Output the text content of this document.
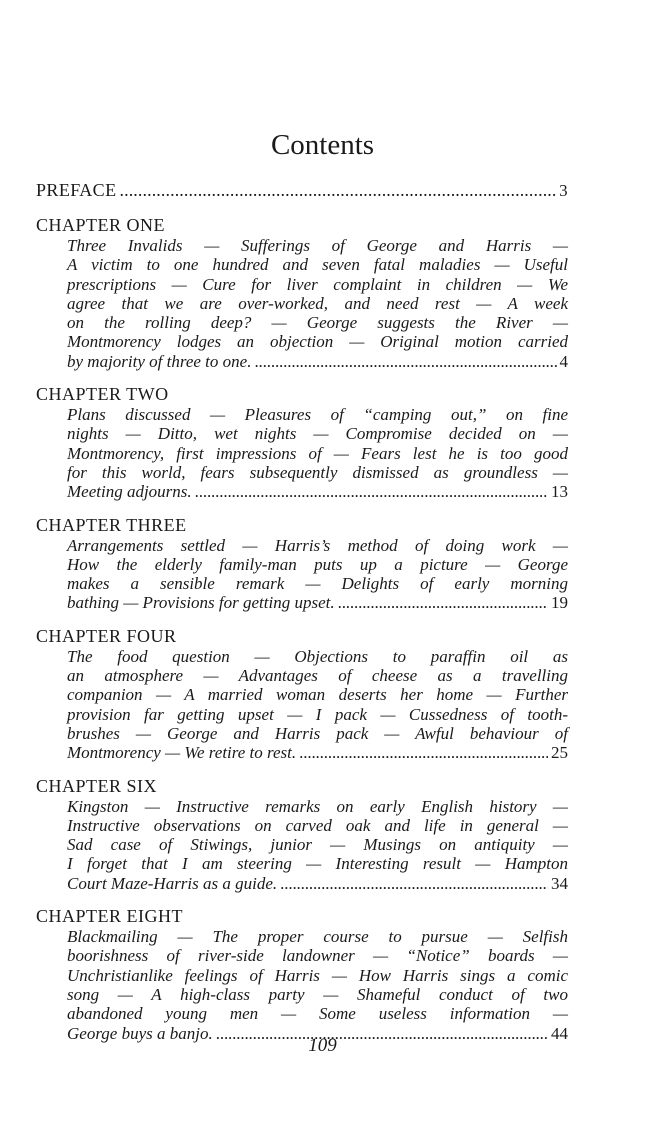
Contents
PREFACE . . .	3
CHAPTER ONE
Three Invalids — Sufferings of George and Harris —
A victim to one hundred and seven fatal maladies — Useful
prescriptions — Cure for liver complaint in children — We
agree that we are over-worked, and need rest — A week
on the rolling deep? — George suggests the River —
Montmorency lodges an objection — Original motion carried
by majority of three to one. . . .	4
CHAPTER TWO
Plans discussed — Pleasures of “camping out,” on fine
nights — Ditto, wet nights — Compromise decided on —
Montmorency, first impressions of — Fears lest he is too good
for this world, fears subsequently dismissed as groundless —
Meeting adjourns. . . .	13
CHAPTER THREE
Arrangements settled — Harris’s method of doing work —
How the elderly family-man puts up a picture — George
makes a sensible remark — Delights of early morning
bathing — Provisions for getting upset. . . .	19
CHAPTER FOUR
The food question — Objections to paraffin oil as
an atmosphere — Advantages of cheese as a travelling
companion — A married woman deserts her home — Further
provision far getting upset — I pack — Cussedness of tooth-
brushes — George and Harris pack — Awful behaviour of
Montmorency — We retire to rest. . . .	25
CHAPTER SIX
Kingston — Instructive remarks on early English history —
Instructive observations on carved oak and life in general —
Sad case of Stiwings, junior — Musings on antiquity —
I forget that I am steering — Interesting result — Hampton
Court Maze-Harris as a guide. . . .	34
CHAPTER EIGHT
Blackmailing — The proper course to pursue — Selfish
boorishness of river-side landowner — “Notice” boards —
Unchristianlike feelings of Harris — How Harris sings a comic
song — A high-class party — Shameful conduct of two
abandoned young men — Some useless information —
George buys a banjo. . . .	44
109
